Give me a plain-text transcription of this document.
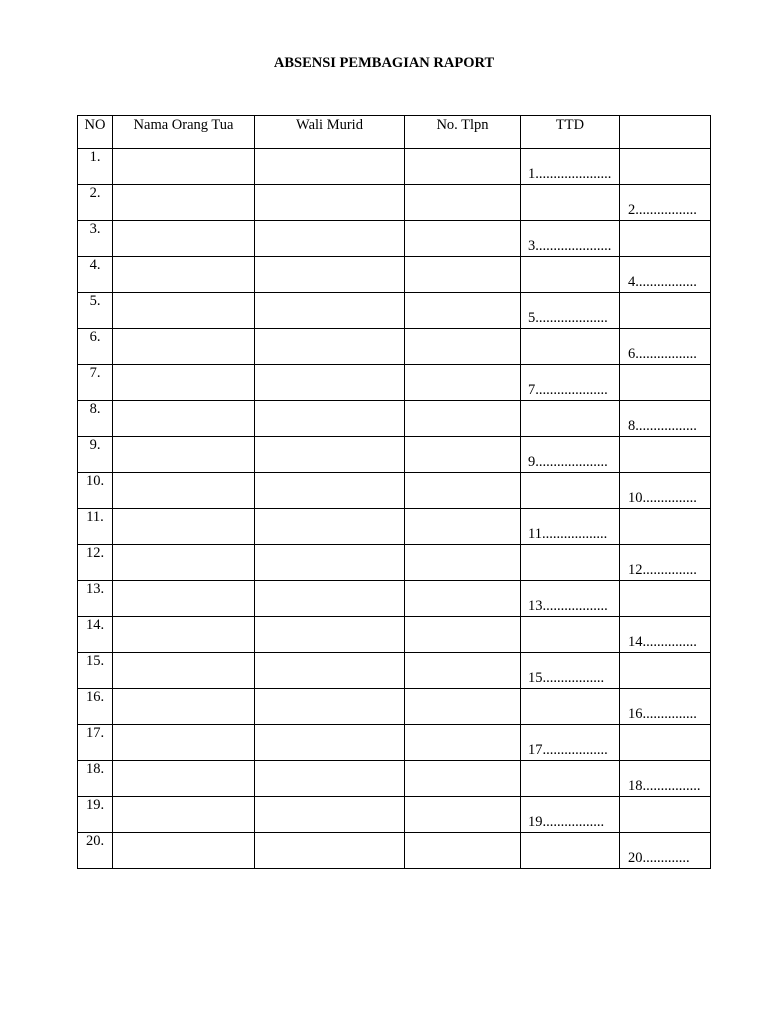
ABSENSI PEMBAGIAN RAPORT
NO	Nama Orang Tua	Wali Murid	No. Tlpn	TTD	
1.				1.....................	

2.					2.................

3.				3.....................	

4.					4.................

5.				5....................	

6.					6.................

7.				7....................	

8.					8.................

9.				9....................	

10.					10...............

11.				11..................	

12.					12...............

13.				13..................	

14.					14...............

15.				15.................	

16.					16...............

17.				17..................	

18.					18................

19.				19.................	

20.					20.............
